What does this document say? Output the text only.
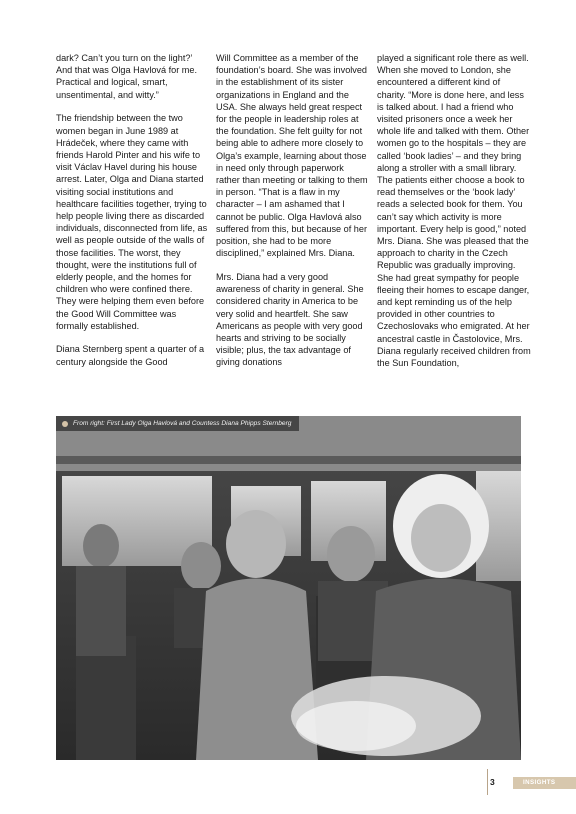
dark? Can’t you turn on the light?’ And that was Olga Havlová for me. Practical and logical, smart, unsentimental, and witty.”

The friendship between the two women began in June 1989 at Hrádeček, where they came with friends Harold Pinter and his wife to visit Václav Havel during his house arrest. Later, Olga and Diana started visiting social institutions and healthcare facilities together, trying to help people living there as discarded individuals, disconnected from life, as well as people outside of the walls of those facilities. The worst, they thought, were the institutions full of elderly people, and the homes for children who were confined there. They were helping them even before the Good Will Committee was formally established.

Diana Sternberg spent a quarter of a century alongside the Good

Will Committee as a member of the foundation’s board. She was involved in the establishment of its sister organizations in England and the USA. She always held great respect for the people in leadership roles at the foundation. She felt guilty for not being able to adhere more closely to Olga’s example, learning about those in need only through paperwork rather than meeting or talking to them in person. “That is a flaw in my character – I am ashamed that I cannot be public. Olga Havlová also suffered from this, but because of her position, she had to be more disciplined,” explained Mrs. Diana.

Mrs. Diana had a very good awareness of charity in general. She considered charity in America to be very solid and heartfelt. She saw Americans as people with very good hearts and striving to be socially visible; plus, the tax advantage of giving donations

played a significant role there as well. When she moved to London, she encountered a different kind of charity. “More is done here, and less is talked about. I had a friend who visited prisoners once a week her whole life and talked with them. Other women go to the hospitals – they are called ‘book ladies’ – and they bring along a stroller with a small library. The patients either choose a book to read themselves or the ‘book lady’ reads a selected book for them. You can’t say which activity is more important. Every help is good,” noted Mrs. Diana. She was pleased that the approach to charity in the Czech Republic was gradually improving. She had great sympathy for people fleeing their homes to escape danger, and kept reminding us of the help provided in other countries to Czechoslovaks who emigrated. At her ancestral castle in Častolovice, Mrs. Diana regularly received children from the Sun Foundation,

From right: First Lady Olga Havlová and Countess Diana Phipps Sternberg
3	INSIGHTS
